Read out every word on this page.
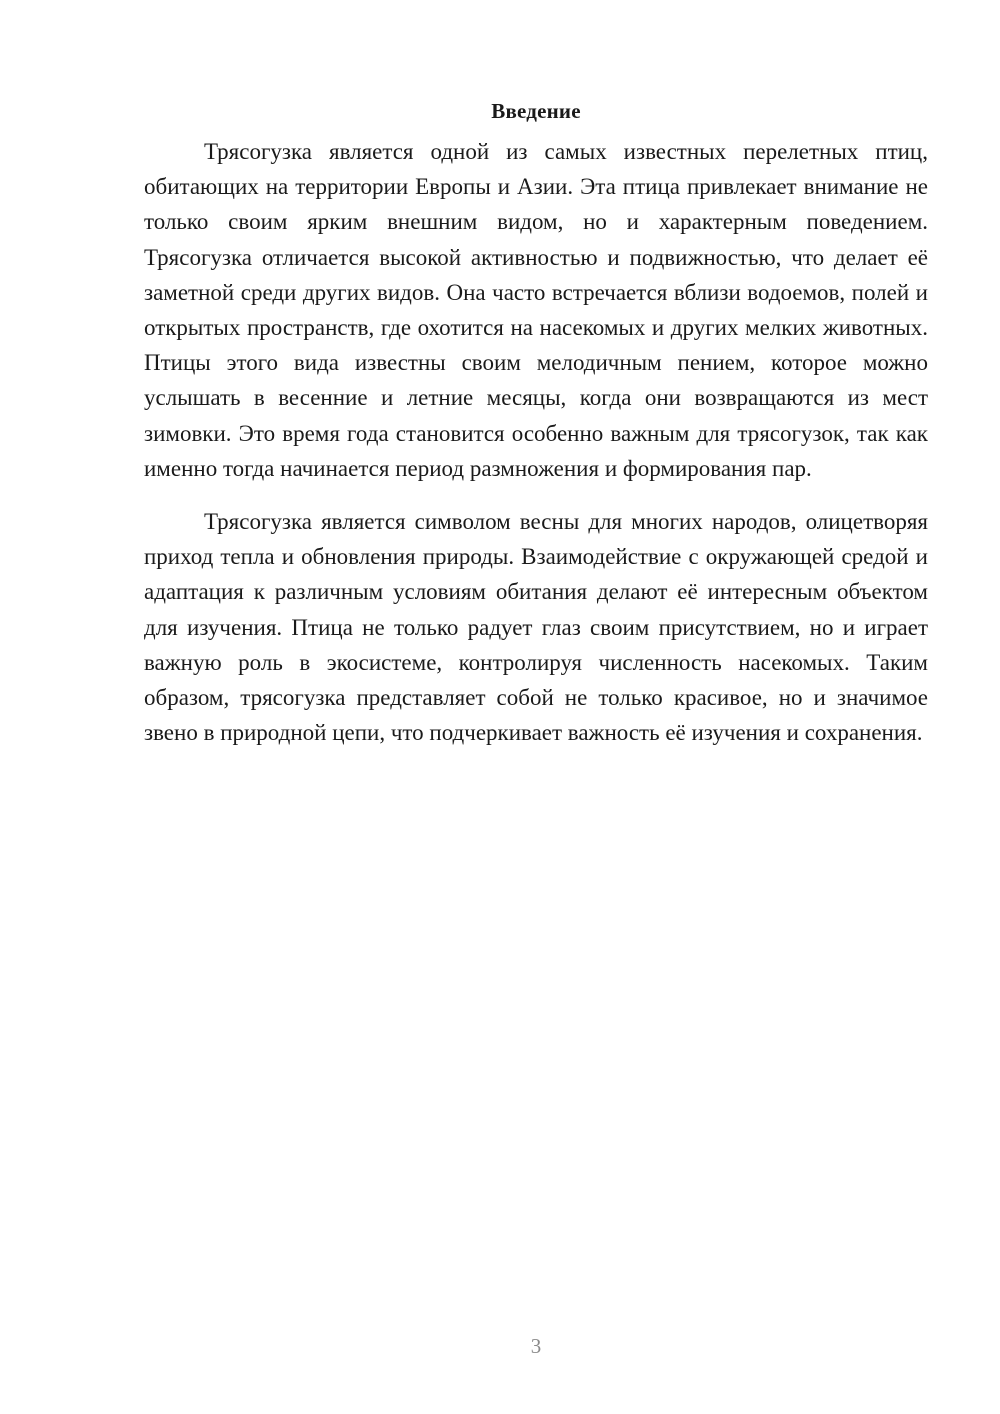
Введение

Трясогузка является одной из самых известных перелетных птиц, обитающих на территории Европы и Азии. Эта птица привлекает внимание не только своим ярким внешним видом, но и характерным поведением. Трясогузка отличается высокой активностью и подвижностью, что делает её заметной среди других видов. Она часто встречается вблизи водоемов, полей и открытых пространств, где охотится на насекомых и других мелких животных. Птицы этого вида известны своим мелодичным пением, которое можно услышать в весенние и летние месяцы, когда они возвращаются из мест зимовки. Это время года становится особенно важным для трясогузок, так как именно тогда начинается период размножения и формирования пар.

Трясогузка является символом весны для многих народов, олицетворяя приход тепла и обновления природы. Взаимодействие с окружающей средой и адаптация к различным условиям обитания делают её интересным объектом для изучения. Птица не только радует глаз своим присутствием, но и играет важную роль в экосистеме, контролируя численность насекомых. Таким образом, трясогузка представляет собой не только красивое, но и значимое звено в природной цепи, что подчеркивает важность её изучения и сохранения.

3
